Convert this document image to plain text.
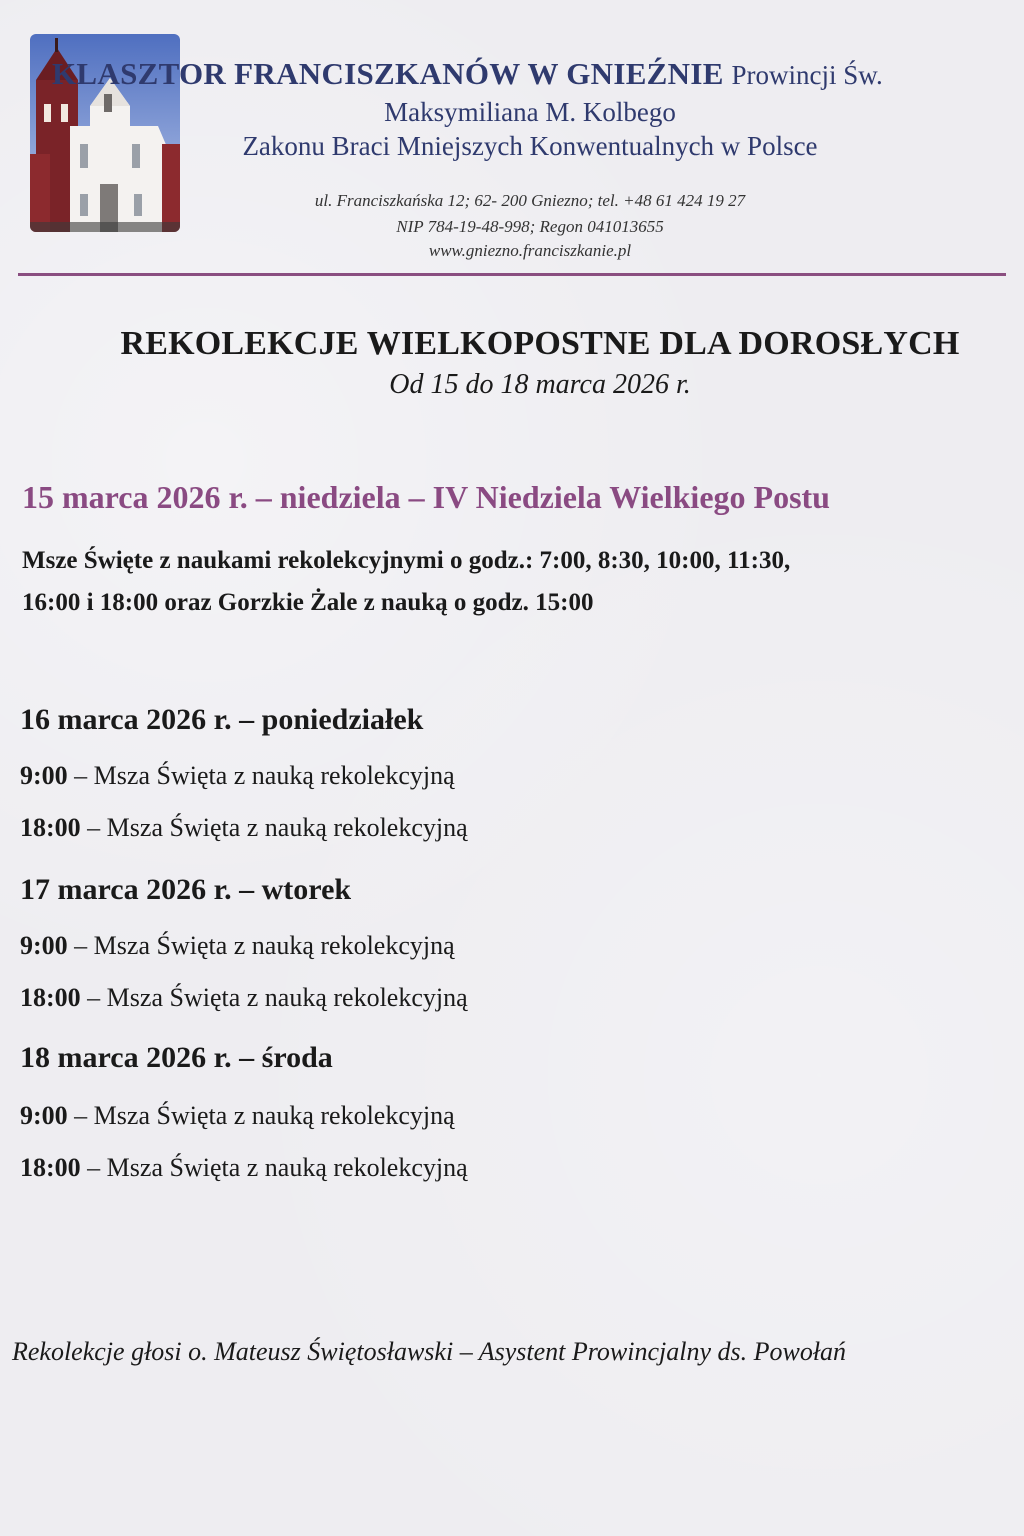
KLASZTOR FRANCISZKANÓW W GNIEŹNIE Prowincji Św.
Maksymiliana M. Kolbego
Zakonu Braci Mniejszych Konwentualnych w Polsce
ul. Franciszkańska 12; 62- 200 Gniezno; tel. +48 61 424 19 27
NIP 784-19-48-998; Regon 041013655
www.gniezno.franciszkanie.pl
REKOLEKCJE WIELKOPOSTNE DLA DOROSŁYCH
Od 15 do 18 marca 2026 r.
15 marca 2026 r. – niedziela – IV Niedziela Wielkiego Postu
Msze Święte z naukami rekolekcyjnymi o godz.: 7:00, 8:30, 10:00, 11:30,
16:00 i 18:00 oraz Gorzkie Żale z nauką o godz. 15:00
16 marca 2026 r. – poniedziałek
9:00 – Msza Święta z nauką rekolekcyjną
18:00 – Msza Święta z nauką rekolekcyjną
17 marca 2026 r. – wtorek
9:00 – Msza Święta z nauką rekolekcyjną
18:00 – Msza Święta z nauką rekolekcyjną
18 marca 2026 r. – środa
9:00 – Msza Święta z nauką rekolekcyjną
18:00 – Msza Święta z nauką rekolekcyjną
Rekolekcje głosi o. Mateusz Świętosławski – Asystent Prowincjalny ds. Powołań
